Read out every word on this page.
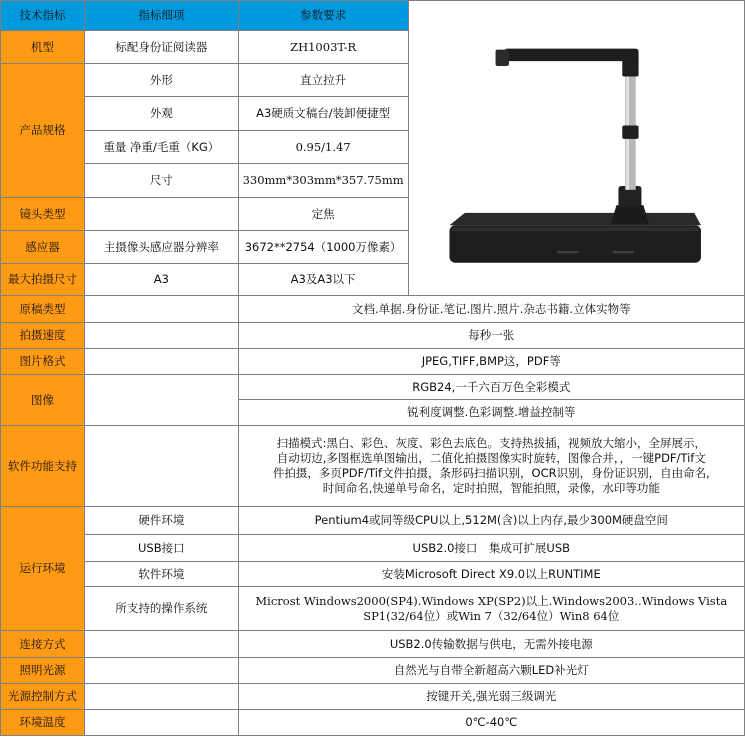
技术指标	指标细项	参数要求	

机型	标配身份证阅读器	ZH1003T-R	
产品规格	外形	直立拉升	
	外观	A3硬质文稿台/装卸便捷型	
	重量 净重/毛重（KG）	0.95/1.47	
	尺寸	330mm*303mm*357.75mm	
镜头类型		定焦	
感应器	主摄像头感应器分辨率	3672**2754（1000万像素）	
最大拍摄尺寸	A3	A3及A3以下	
原稿类型		文档.单据.身份证.笔记.图片.照片.杂志书籍.立体实物等	
拍摄速度		每秒一张	
图片格式		JPEG,TIFF,BMP这，PDF等	
图像		RGB24,一千六百万色全彩模式	
		锐利度调整.色彩调整.增益控制等	
软件功能支持		扫描模式:黑白、彩色、灰度、彩色去底色。支持热拔插，视频放大缩小，全屏展示，
自动切边,多图框选单图输出，二值化拍摄图像实时旋转，图像合并，，一键PDF/Tif文
件拍摄，多页PDF/Tif文件拍摄，条形码扫描识别，OCR识别，身份证识别，自由命名,
时间命名,快递单号命名，定时拍照，智能拍照，录像，水印等功能	

运行环境	硬件环境	Pentium4或同等级CPU以上,512M(含)以上内存,最少300M硬盘空间	
	USB接口	USB2.0接口　集成可扩展USB	
	软件环境	安装Microsoft Direct X9.0以上RUNTIME	
	所支持的操作系统	Microst Windows2000(SP4).Windows XP(SP2)以上.Windows2003..Windows Vista
SP1(32/64位）或Win 7（32/64位）Win8 64位	

连接方式		USB2.0传输数据与供电，无需外接电源	
照明光源		自然光与自带全新超高六颗LED补光灯	
光源控制方式		按键开关,强光弱三级调光	
环境温度		0℃-40℃	
